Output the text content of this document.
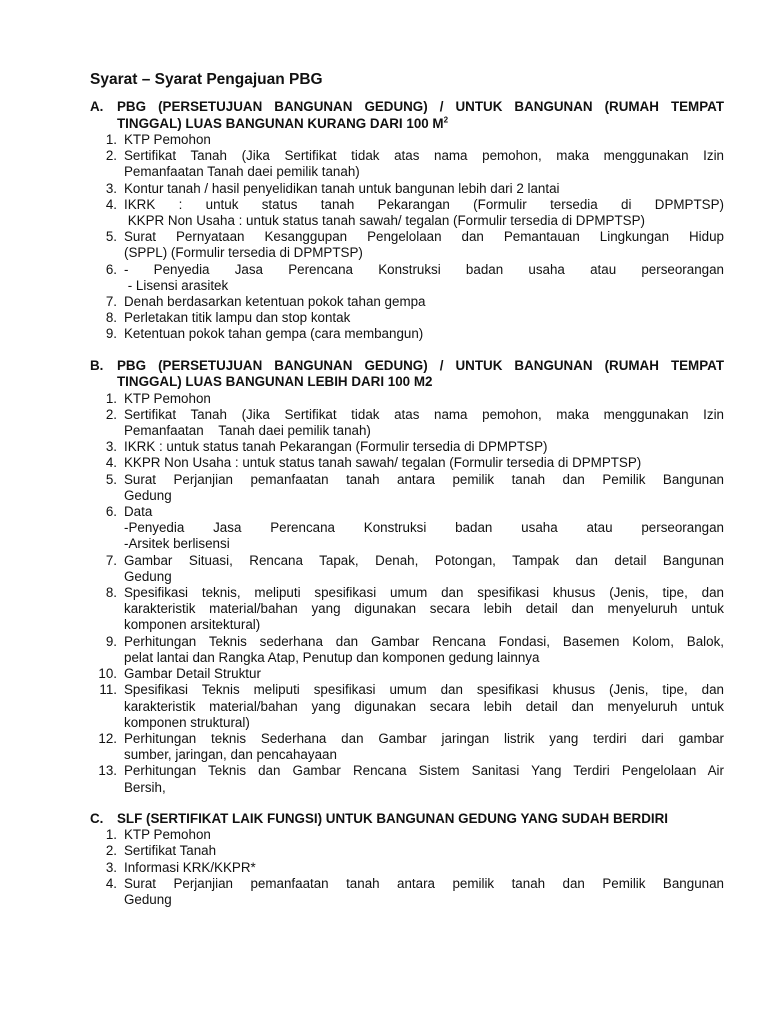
Syarat – Syarat Pengajuan PBG
A.	PBG (PERSETUJUAN BANGUNAN GEDUNG) / UNTUK BANGUNAN (RUMAH TEMPAT TINGGAL) LUAS BANGUNAN KURANG DARI 100 $M^2$
1. KTP Pemohon
2. Sertifikat Tanah (Jika Sertifikat tidak atas nama pemohon, maka menggunakan Izin
Pemanfaatan Tanah daei pemilik tanah)
3. Kontur tanah / hasil penyelidikan tanah untuk bangunan lebih dari 2 lantai
4. IKRK : untuk status tanah Pekarangan (Formulir tersedia di DPMPTSP)
KKPR Non Usaha : untuk status tanah sawah/ tegalan (Formulir tersedia di DPMPTSP)
5. Surat Pernyataan Kesanggupan Pengelolaan dan Pemantauan Lingkungan Hidup
(SPPL) (Formulir tersedia di DPMPTSP)
6. - Penyedia Jasa Perencana Konstruksi badan usaha atau perseorangan
- Lisensi arasitek
7. Denah berdasarkan ketentuan pokok tahan gempa
8. Perletakan titik lampu dan stop kontak
9. Ketentuan pokok tahan gempa (cara membangun)
B.	PBG (PERSETUJUAN BANGUNAN GEDUNG) / UNTUK BANGUNAN (RUMAH TEMPAT TINGGAL) LUAS BANGUNAN LEBIH DARI 100 M2
1. KTP Pemohon
2. Sertifikat Tanah (Jika Sertifikat tidak atas nama pemohon, maka menggunakan Izin
Pemanfaatan    Tanah daei pemilik tanah)
3. IKRK : untuk status tanah Pekarangan (Formulir tersedia di DPMPTSP)
4. KKPR Non Usaha : untuk status tanah sawah/ tegalan (Formulir tersedia di DPMPTSP)
5. Surat Perjanjian pemanfaatan tanah antara pemilik tanah dan Pemilik Bangunan
Gedung
6. Data
-Penyedia Jasa Perencana Konstruksi badan usaha atau perseorangan
-Arsitek berlisensi
7. Gambar Situasi, Rencana Tapak, Denah, Potongan, Tampak dan detail Bangunan
Gedung
8. Spesifikasi teknis, meliputi spesifikasi umum dan spesifikasi khusus (Jenis, tipe, dan
karakteristik material/bahan yang digunakan secara lebih detail dan menyeluruh untuk
komponen arsitektural)
9. Perhitungan Teknis sederhana dan Gambar Rencana Fondasi, Basemen Kolom, Balok,
pelat lantai dan Rangka Atap, Penutup dan komponen gedung lainnya
10. Gambar Detail Struktur
11. Spesifikasi Teknis meliputi spesifikasi umum dan spesifikasi khusus (Jenis, tipe, dan
karakteristik material/bahan yang digunakan secara lebih detail dan menyeluruh untuk
komponen struktural)
12. Perhitungan teknis Sederhana dan Gambar jaringan listrik yang terdiri dari gambar
sumber, jaringan, dan pencahayaan
13. Perhitungan Teknis dan Gambar Rencana Sistem Sanitasi Yang Terdiri Pengelolaan Air
Bersih,
C.	SLF (SERTIFIKAT LAIK FUNGSI) UNTUK BANGUNAN GEDUNG YANG SUDAH BERDIRI
1. KTP Pemohon
2. Sertifikat Tanah
3. Informasi KRK/KKPR*
4. Surat Perjanjian pemanfaatan tanah antara pemilik tanah dan Pemilik Bangunan
Gedung
